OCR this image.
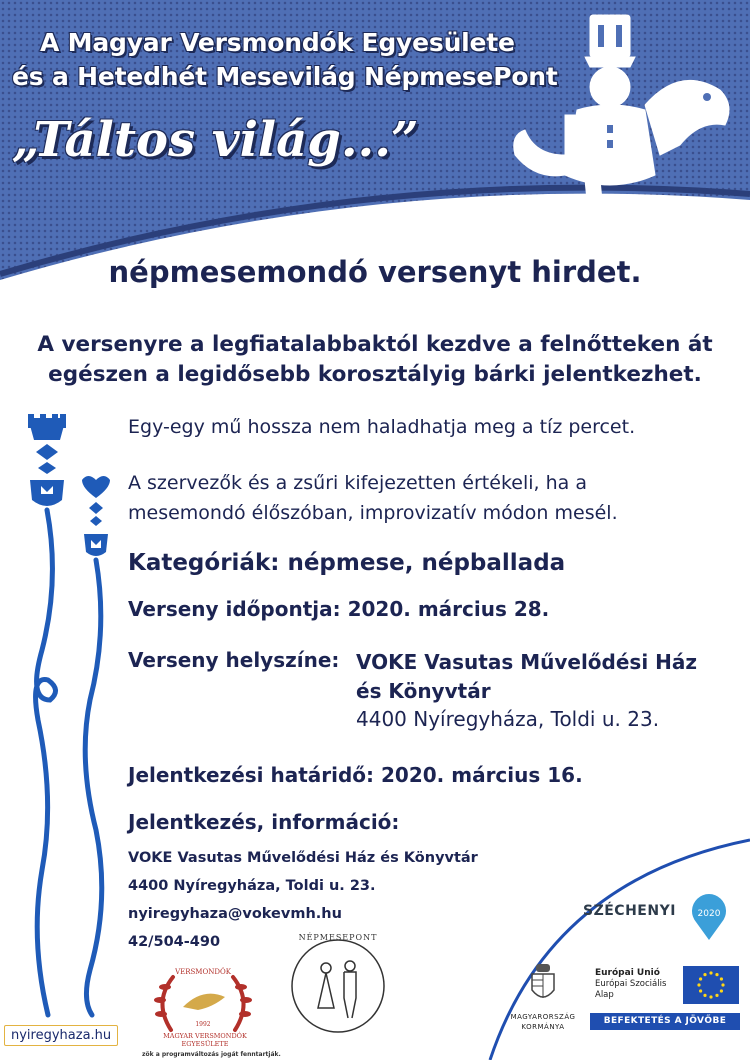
A Magyar Versmondók Egyesülete
és a Hetedhét Mesevilág NépmesePont
„Táltos világ...”
népmesemondó versenyt hirdet.
A versenyre a legfiatalabbaktól kezdve a felnőtteken át
egészen a legidősebb korosztályig bárki jelentkezhet.
Egy-egy mű hossza nem haladhatja meg a tíz percet.
A szervezők és a zsűri kifejezetten értékeli, ha a
mesemondó élőszóban, improvizatív módon mesél.
Kategóriák: népmese, népballada
Verseny időpontja: 2020. március 28.
Verseny helyszíne: VOKE Vasutas Művelődési Ház és Könyvtár
4400 Nyíregyháza, Toldi u. 23.
Jelentkezési határidő: 2020. március 16.
Jelentkezés, információ:
VOKE Vasutas Művelődési Ház és Könyvtár
4400 Nyíregyháza, Toldi u. 23.
nyiregyhaza@vokevmh.hu
42/504-490
VERSMONDÓK
1992
MAGYAR VERSMONDÓK
EGYESÜLETE
zök a programváltozás jogát fenntartják.
NÉPMESEPONT
SZÉCHENYI 2020
MAGYARORSZÁG
KORMÁNYA
Európai Unió
Európai Szociális
Alap
BEFEKTETÉS A JÖVŐBE
nyiregyhaza.hu
